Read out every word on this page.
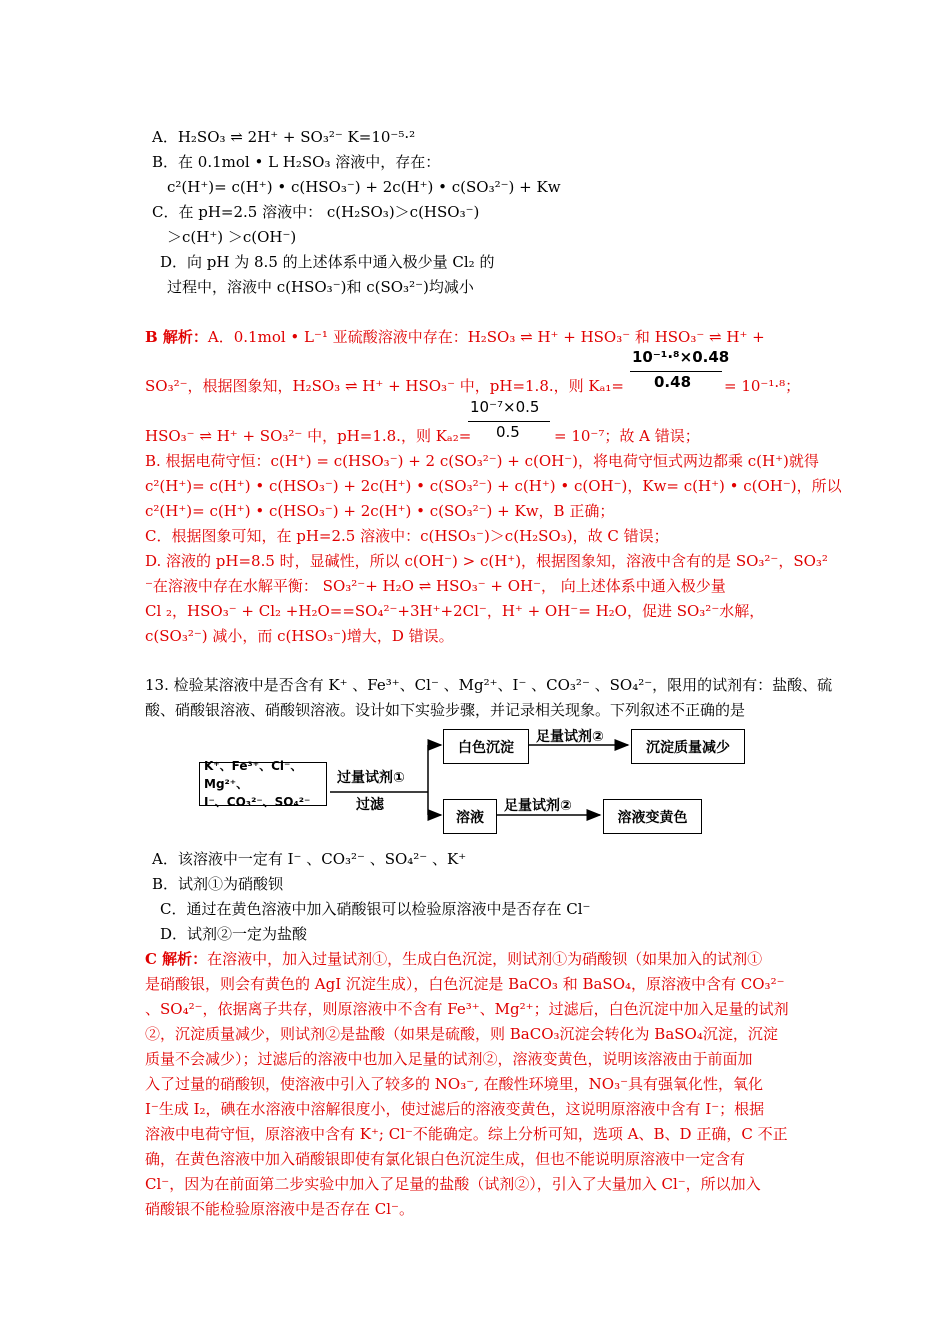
A．H₂SO₃ ⇌ 2H⁺ + SO₃²⁻ K=10⁻⁵·²
B．在 0.1mol • L H₂SO₃ 溶液中，存在：
c²(H⁺)= c(H⁺) • c(HSO₃⁻) + 2c(H⁺) • c(SO₃²⁻) + Kw
C．在 pH=2.5 溶液中： c(H₂SO₃)＞c(HSO₃⁻)
＞c(H⁺) ＞c(OH⁻)
D．向 pH 为 8.5 的上述体系中通入极少量 Cl₂ 的
过程中，溶液中 c(HSO₃⁻)和 c(SO₃²⁻)均减小
B 解析：A．0.1mol • L⁻¹ 亚硫酸溶液中存在：H₂SO₃ ⇌ H⁺ + HSO₃⁻ 和 HSO₃⁻ ⇌ H⁺ +
SO₃²⁻，根据图象知，H₂SO₃ ⇌ H⁺ + HSO₃⁻ 中，pH=1.8.，则 Kₐ₁=
10⁻¹·⁸×0.48
0.48 = 10⁻¹·⁸；
HSO₃⁻ ⇌ H⁺ + SO₃²⁻ 中，pH=1.8.，则 Kₐ₂=
10⁻⁷×0.5
0.5 = 10⁻⁷；故 A 错误；
B. 根据电荷守恒：c(H⁺) = c(HSO₃⁻) + 2 c(SO₃²⁻) + c(OH⁻)，将电荷守恒式两边都乘 c(H⁺)就得
c²(H⁺)= c(H⁺) • c(HSO₃⁻) + 2c(H⁺) • c(SO₃²⁻) + c(H⁺) • c(OH⁻)，Kw= c(H⁺) • c(OH⁻)，所以
c²(H⁺)= c(H⁺) • c(HSO₃⁻) + 2c(H⁺) • c(SO₃²⁻) + Kw，B 正确；
C．根据图象可知，在 pH=2.5 溶液中：c(HSO₃⁻)＞c(H₂SO₃)，故 C 错误；
D. 溶液的 pH=8.5 时，显碱性，所以 c(OH⁻) > c(H⁺)，根据图象知，溶液中含有的是 SO₃²⁻，SO₃²
⁻在溶液中存在水解平衡： SO₃²⁻+ H₂O ⇌ HSO₃⁻ + OH⁻， 向上述体系中通入极少量
Cl ₂，HSO₃⁻ + Cl₂ +H₂O==SO₄²⁻+3H⁺+2Cl⁻，H⁺ + OH⁻= H₂O，促进 SO₃²⁻水解，
c(SO₃²⁻) 减小，而 c(HSO₃⁻)增大，D 错误。
13. 检验某溶液中是否含有 K⁺ 、Fe³⁺、Cl⁻ 、Mg²⁺、I⁻ 、CO₃²⁻ 、SO₄²⁻，限用的试剂有：盐酸、硫
酸、硝酸银溶液、硝酸钡溶液。设计如下实验步骤，并记录相关现象。下列叙述不正确的是
K⁺、Fe³⁺、Cl⁻、Mg²⁺、
I⁻、CO₃²⁻、SO₄²⁻
过量试剂①
过滤
白色沉淀
足量试剂②
沉淀质量减少
溶液
足量试剂②
溶液变黄色
A．该溶液中一定有 I⁻ 、CO₃²⁻ 、SO₄²⁻ 、K⁺
B．试剂①为硝酸钡
C．通过在黄色溶液中加入硝酸银可以检验原溶液中是否存在 Cl⁻
D．试剂②一定为盐酸
C 解析：在溶液中，加入过量试剂①，生成白色沉淀，则试剂①为硝酸钡（如果加入的试剂①
是硝酸银，则会有黄色的 AgI 沉淀生成），白色沉淀是 BaCO₃ 和 BaSO₄，原溶液中含有 CO₃²⁻
、SO₄²⁻，依据离子共存，则原溶液中不含有 Fe³⁺、Mg²⁺；过滤后，白色沉淀中加入足量的试剂
②，沉淀质量减少，则试剂②是盐酸（如果是硫酸，则 BaCO₃沉淀会转化为 BaSO₄沉淀，沉淀
质量不会减少）；过滤后的溶液中也加入足量的试剂②，溶液变黄色，说明该溶液由于前面加
入了过量的硝酸钡，使溶液中引入了较多的 NO₃⁻, 在酸性环境里，NO₃⁻具有强氧化性，氧化
I⁻生成 I₂，碘在水溶液中溶解很度小，使过滤后的溶液变黄色，这说明原溶液中含有 I⁻；根据
溶液中电荷守恒，原溶液中含有 K⁺; Cl⁻不能确定。综上分析可知，选项 A、B、D 正确，C 不正
确，在黄色溶液中加入硝酸银即使有氯化银白色沉淀生成，但也不能说明原溶液中一定含有
Cl⁻，因为在前面第二步实验中加入了足量的盐酸（试剂②），引入了大量加入 Cl⁻，所以加入
硝酸银不能检验原溶液中是否存在 Cl⁻。
